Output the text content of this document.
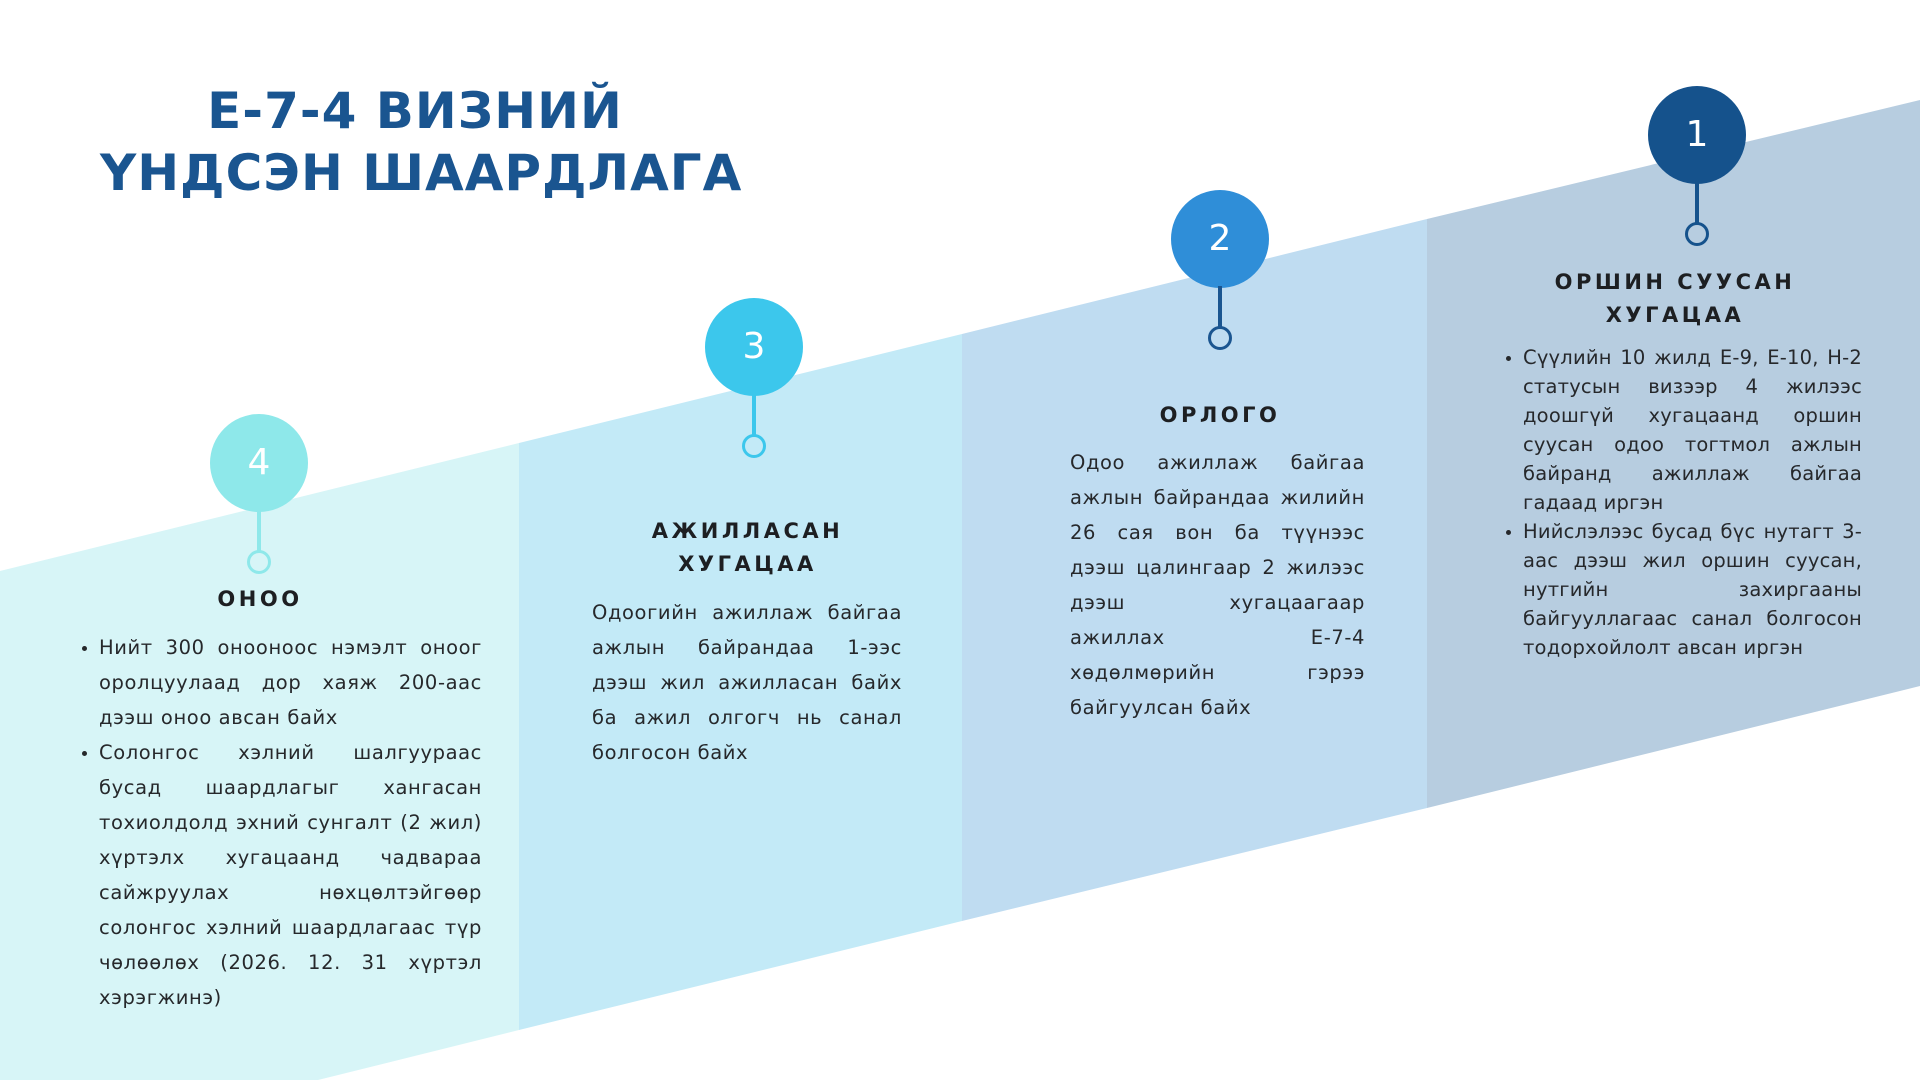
Е-7-4 ВИЗНИЙ
ҮНДСЭН ШААРДЛАГА
4
ОНОО
• Нийт 300 онооноос нэмэлт оноог оролцуулаад дор хаяж 200-аас дээш оноо авсан байх
• Солонгос хэлний шалгуураас бусад шаардлагыг хангасан тохиолдолд эхний сунгалт (2 жил) хүртэлх хугацаанд чадвараа сайжруулах нөхцөлтэйгөөр солонгос хэлний шаардлагаас түр чөлөөлөх (2026. 12. 31 хүртэл хэрэгжинэ)
3
АЖИЛЛАСАН
ХУГАЦАА
Одоогийн ажиллаж байгаа ажлын байрандаа 1-ээс дээш жил ажилласан байх ба ажил олгогч нь санал болгосон байх
2
ОРЛОГО
Одоо ажиллаж байгаа ажлын байрандаа жилийн 26 сая вон ба түүнээс дээш цалингаар 2 жилээс дээш хугацаагаар ажиллах Е-7-4 хөдөлмөрийн гэрээ байгуулсан байх
1
ОРШИН СУУСАН
ХУГАЦАА
• Сүүлийн 10 жилд Е-9, Е-10, Н-2 статусын визээр 4 жилээс доошгүй хугацаанд оршин суусан одоо тогтмол ажлын байранд ажиллаж байгаа гадаад иргэн
• Нийслэлээс бусад бүс нутагт 3-аас дээш жил оршин суусан, нутгийн захиргааны байгууллагаас санал болгосон тодорхойлолт авсан иргэн
